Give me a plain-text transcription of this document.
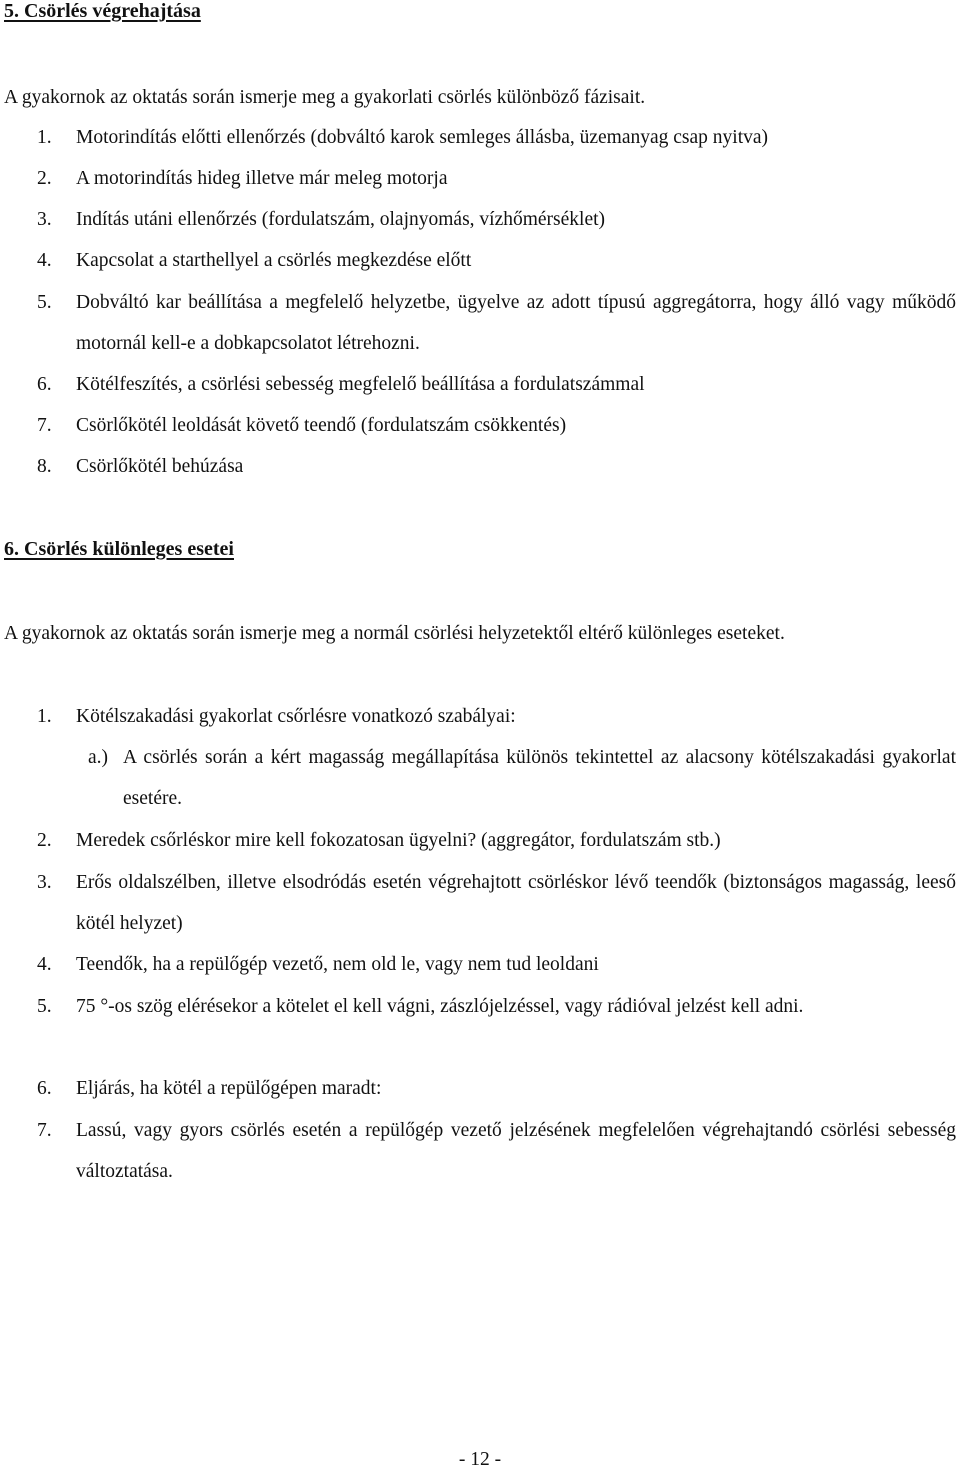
5. Csörlés végrehajtása

A gyakornok az oktatás során ismerje meg a gyakorlati csörlés különböző fázisait.

1.	Motorindítás előtti ellenőrzés (dobváltó karok semleges állásba, üzemanyag csap nyitva)
2.	A motorindítás hideg illetve már meleg motorja
3.	Indítás utáni ellenőrzés (fordulatszám, olajnyomás, vízhőmérséklet)
4.	Kapcsolat a starthellyel a csörlés megkezdése előtt
5.	Dobváltó kar beállítása a megfelelő helyzetbe, ügyelve az adott típusú aggregátorra, hogy álló vagy működő motornál kell-e a dobkapcsolatot létrehozni.
6.	Kötélfeszítés, a csörlési sebesség megfelelő beállítása a fordulatszámmal
7.	Csörlőkötél leoldását követő teendő (fordulatszám csökkentés)
8.	Csörlőkötél behúzása
6. Csörlés különleges esetei

A gyakornok az oktatás során ismerje meg a normál csörlési helyzetektől eltérő különleges eseteket.

1.	Kötélszakadási gyakorlat csőrlésre vonatkozó szabályai:
a.) A csörlés során a kért magasság megállapítása különös tekintettel az alacsony kötélszakadási gyakorlat esetére.
2.	Meredek csőrléskor mire kell fokozatosan ügyelni? (aggregátor, fordulatszám stb.)
3.	Erős oldalszélben, illetve elsodródás esetén végrehajtott csörléskor lévő teendők (biztonságos magasság, leeső kötél helyzet)
4.	Teendők, ha a repülőgép vezető, nem old le, vagy nem tud leoldani
5.	75 °-os szög elérésekor a kötelet el kell vágni, zászlójelzéssel, vagy rádióval jelzést kell adni.
6.	Eljárás, ha kötél a repülőgépen maradt:
7.	Lassú, vagy gyors csörlés esetén a repülőgép vezető jelzésének megfelelően végrehajtandó csörlési sebesség változtatása.
- 12 -
